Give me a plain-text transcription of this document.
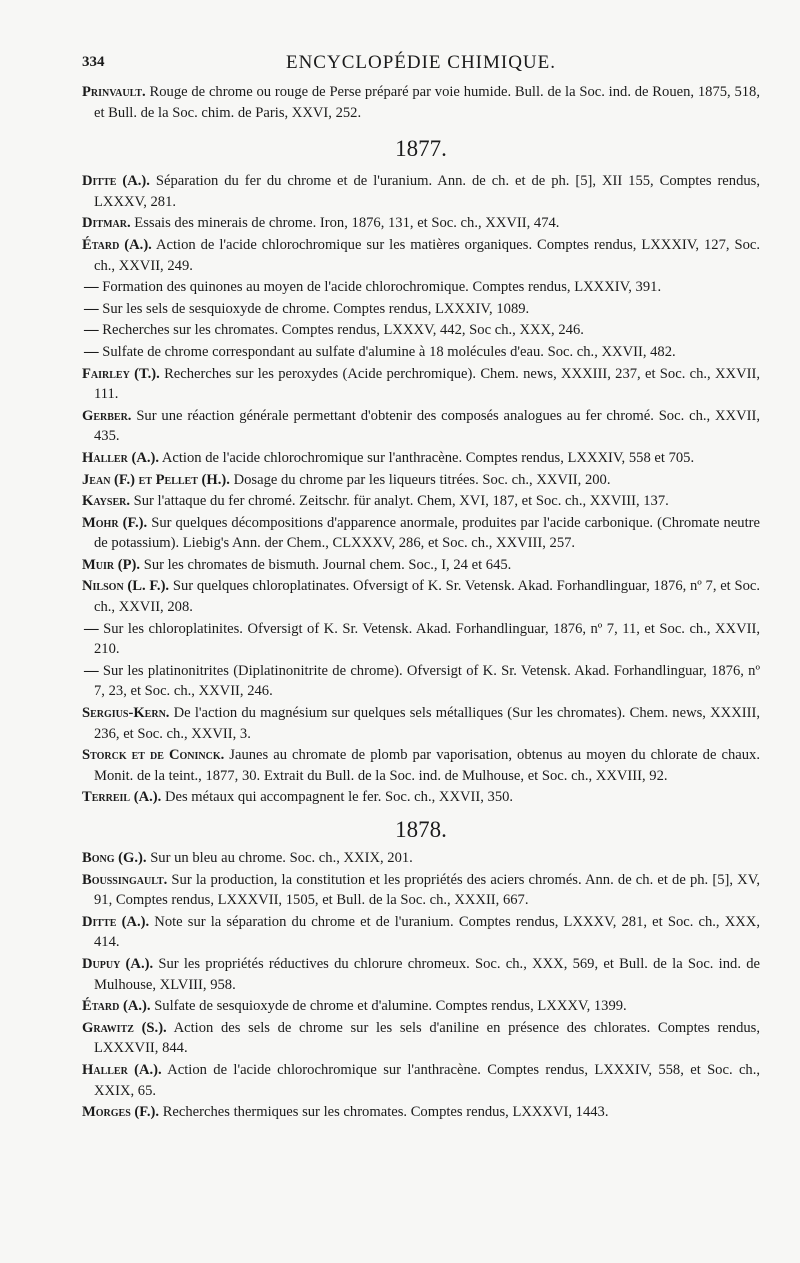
334	ENCYCLOPÉDIE CHIMIQUE.
Prinvault. Rouge de chrome ou rouge de Perse préparé par voie humide. Bull. de la Soc. ind. de Rouen, 1875, 518, et Bull. de la Soc. chim. de Paris, XXVI, 252.
1877.
Ditte (A.). Séparation du fer du chrome et de l'uranium. Ann. de ch. et de ph. [5], XII 155, Comptes rendus, LXXXV, 281.
Ditmar. Essais des minerais de chrome. Iron, 1876, 131, et Soc. ch., XXVII, 474.
Étard (A.). Action de l'acide chlorochromique sur les matières organiques. Comptes rendus, LXXXIV, 127, Soc. ch., XXVII, 249.
— Formation des quinones au moyen de l'acide chlorochromique. Comptes rendus, LXXXIV, 391.
— Sur les sels de sesquioxyde de chrome. Comptes rendus, LXXXIV, 1089.
— Recherches sur les chromates. Comptes rendus, LXXXV, 442, Soc ch., XXX, 246.
— Sulfate de chrome correspondant au sulfate d'alumine à 18 molécules d'eau. Soc. ch., XXVII, 482.
Fairley (T.). Recherches sur les peroxydes (Acide perchromique). Chem. news, XXXIII, 237, et Soc. ch., XXVII, 111.
Gerber. Sur une réaction générale permettant d'obtenir des composés analogues au fer chromé. Soc. ch., XXVII, 435.
Haller (A.). Action de l'acide chlorochromique sur l'anthracène. Comptes rendus, LXXXIV, 558 et 705.
Jean (F.) et Pellet (H.). Dosage du chrome par les liqueurs titrées. Soc. ch., XXVII, 200.
Kayser. Sur l'attaque du fer chromé. Zeitschr. für analyt. Chem, XVI, 187, et Soc. ch., XXVIII, 137.
Mohr (F.). Sur quelques décompositions d'apparence anormale, produites par l'acide carbonique. (Chromate neutre de potassium). Liebig's Ann. der Chem., CLXXXV, 286, et Soc. ch., XXVIII, 257.
Muir (P). Sur les chromates de bismuth. Journal chem. Soc., I, 24 et 645.
Nilson (L. F.). Sur quelques chloroplatinates. Ofversigt of K. Sr. Vetensk. Akad. Forhandlinguar, 1876, nº 7, et Soc. ch., XXVII, 208.
— Sur les chloroplatinites. Ofversigt of K. Sr. Vetensk. Akad. Forhandlinguar, 1876, nº 7, 11, et Soc. ch., XXVII, 210.
— Sur les platinonitrites (Diplatinonitrite de chrome). Ofversigt of K. Sr. Vetensk. Akad. Forhandlinguar, 1876, nº 7, 23, et Soc. ch., XXVII, 246.
Sergius-Kern. De l'action du magnésium sur quelques sels métalliques (Sur les chromates). Chem. news, XXXIII, 236, et Soc. ch., XXVII, 3.
Storck et de Coninck. Jaunes au chromate de plomb par vaporisation, obtenus au moyen du chlorate de chaux. Monit. de la teint., 1877, 30. Extrait du Bull. de la Soc. ind. de Mulhouse, et Soc. ch., XXVIII, 92.
Terreil (A.). Des métaux qui accompagnent le fer. Soc. ch., XXVII, 350.
1878.
Bong (G.). Sur un bleu au chrome. Soc. ch., XXIX, 201.
Boussingault. Sur la production, la constitution et les propriétés des aciers chromés. Ann. de ch. et de ph. [5], XV, 91, Comptes rendus, LXXXVII, 1505, et Bull. de la Soc. ch., XXXII, 667.
Ditte (A.). Note sur la séparation du chrome et de l'uranium. Comptes rendus, LXXXV, 281, et Soc. ch., XXX, 414.
Dupuy (A.). Sur les propriétés réductives du chlorure chromeux. Soc. ch., XXX, 569, et Bull. de la Soc. ind. de Mulhouse, XLVIII, 958.
Étard (A.). Sulfate de sesquioxyde de chrome et d'alumine. Comptes rendus, LXXXV, 1399.
Grawitz (S.). Action des sels de chrome sur les sels d'aniline en présence des chlorates. Comptes rendus, LXXXVII, 844.
Haller (A.). Action de l'acide chlorochromique sur l'anthracène. Comptes rendus, LXXXIV, 558, et Soc. ch., XXIX, 65.
Morges (F.). Recherches thermiques sur les chromates. Comptes rendus, LXXXVI, 1443.
